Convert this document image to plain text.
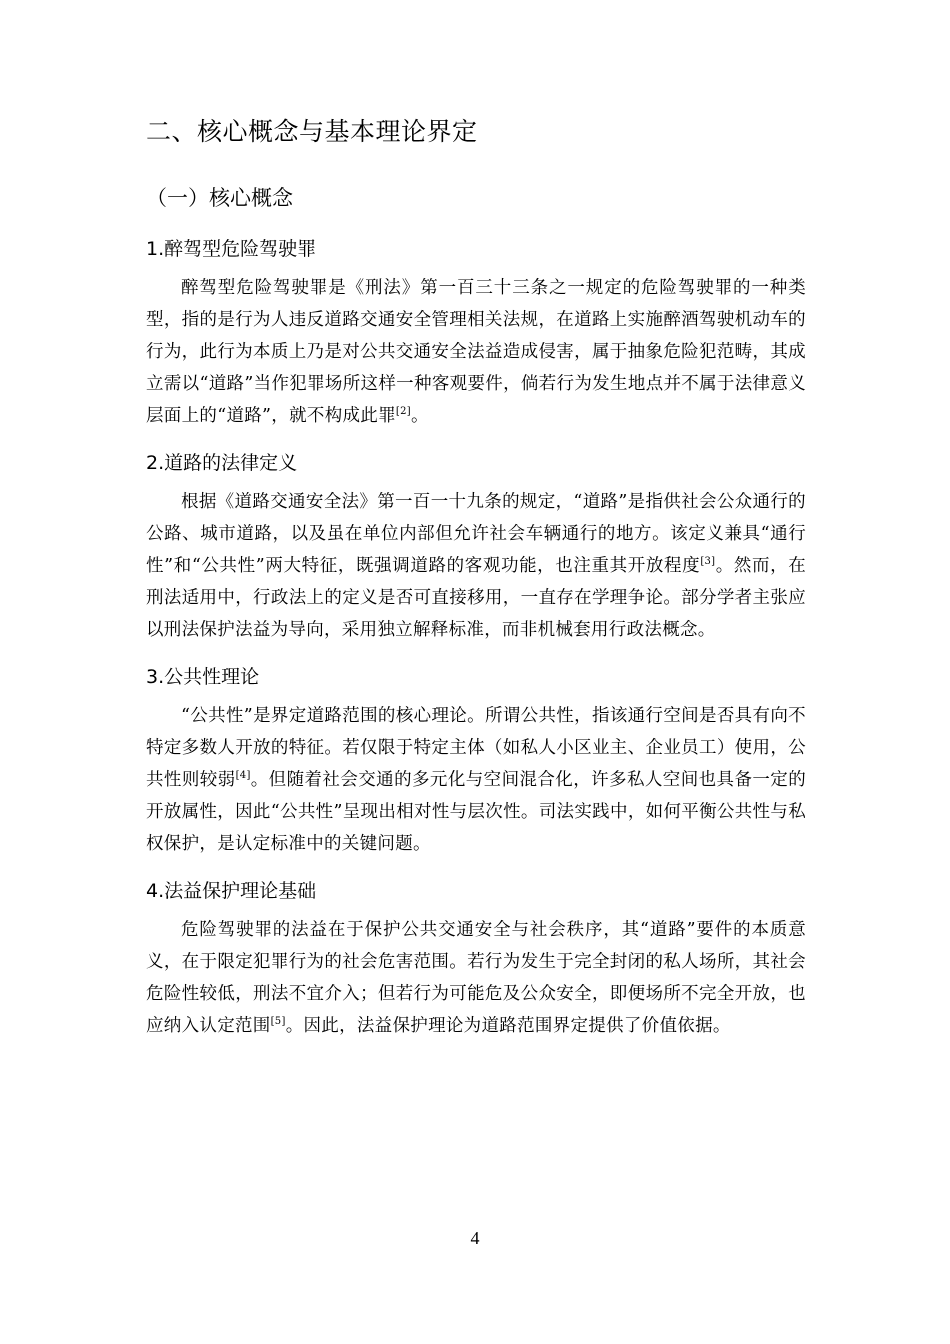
二、核心概念与基本理论界定
（一）核心概念
1.醉驾型危险驾驶罪

醉驾型危险驾驶罪是《刑法》第一百三十三条之一规定的危险驾驶罪的一种类型，指的是行为人违反道路交通安全管理相关法规，在道路上实施醉酒驾驶机动车的行为，此行为本质上乃是对公共交通安全法益造成侵害，属于抽象危险犯范畴，其成立需以“道路”当作犯罪场所这样一种客观要件，倘若行为发生地点并不属于法律意义层面上的“道路”，就不构成此罪[2]。

2.道路的法律定义

根据《道路交通安全法》第一百一十九条的规定，“道路”是指供社会公众通行的公路、城市道路，以及虽在单位内部但允许社会车辆通行的地方。该定义兼具“通行性”和“公共性”两大特征，既强调道路的客观功能，也注重其开放程度[3]。然而，在刑法适用中，行政法上的定义是否可直接移用，一直存在学理争论。部分学者主张应以刑法保护法益为导向，采用独立解释标准，而非机械套用行政法概念。

3.公共性理论

“公共性”是界定道路范围的核心理论。所谓公共性，指该通行空间是否具有向不特定多数人开放的特征。若仅限于特定主体（如私人小区业主、企业员工）使用，公共性则较弱[4]。但随着社会交通的多元化与空间混合化，许多私人空间也具备一定的开放属性，因此“公共性”呈现出相对性与层次性。司法实践中，如何平衡公共性与私权保护，是认定标准中的关键问题。

4.法益保护理论基础

危险驾驶罪的法益在于保护公共交通安全与社会秩序，其“道路”要件的本质意义，在于限定犯罪行为的社会危害范围。若行为发生于完全封闭的私人场所，其社会危险性较低，刑法不宜介入；但若行为可能危及公众安全，即便场所不完全开放，也应纳入认定范围[5]。因此，法益保护理论为道路范围界定提供了价值依据。

4
